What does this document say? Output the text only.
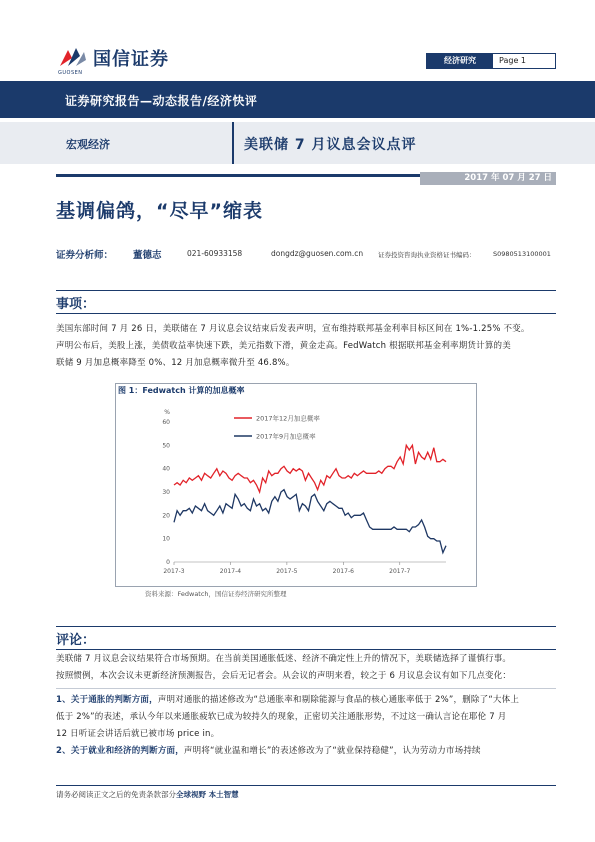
国信证券
GUOSEN
经济研究	Page 1
证券研究报告—动态报告/经济快评
宏观经济	美联储 7 月议息会议点评
2017 年 07 月 27 日
基调偏鸽，“尽早”缩表
证券分析师： 董德志	021-60933158	dongdz@guosen.com.cn 证券投资咨询执业资格证书编码：	S0980513100001
事项：
美国东部时间 7 月 26 日，美联储在 7 月议息会议结束后发表声明，宣布维持联邦基金利率目标区间在 1%-1.25% 不变。
声明公布后，美股上涨，美债收益率快速下跌，美元指数下滑，黄金走高。FedWatch 根据联邦基金利率期货计算的美
联储 9 月加息概率降至 0%、12 月加息概率微升至 46.8%。
图 1：Fedwatch 计算的加息概率
%
0
10
20
30
40
50
60
2017-3	2017-4	2017-5	2017-6	2017-7
2017年12月加息概率
2017年9月加息概率
资料来源：Fedwatch，国信证券经济研究所整理
评论：
美联储 7 月议息会议结果符合市场预期。在当前美国通胀低迷、经济不确定性上升的情况下，美联储选择了谨慎行事。
按照惯例，本次会议未更新经济预测报告，会后无记者会。从会议的声明来看，较之于 6 月议息会议有如下几点变化：
1、关于通胀的判断方面，声明对通胀的描述修改为“总通胀率和剔除能源与食品的核心通胀率低于 2%”，删除了“大体上
低于 2%”的表述，承认今年以来通胀疲软已成为较持久的现象，正密切关注通胀形势，不过这一确认言论在耶伦 7 月
12 日听证会讲话后就已被市场 price in。
2、关于就业和经济的判断方面，声明将“就业温和增长”的表述修改为了“就业保持稳健”，认为劳动力市场持续
请务必阅读正文之后的免责条款部分全球视野 本土智慧
